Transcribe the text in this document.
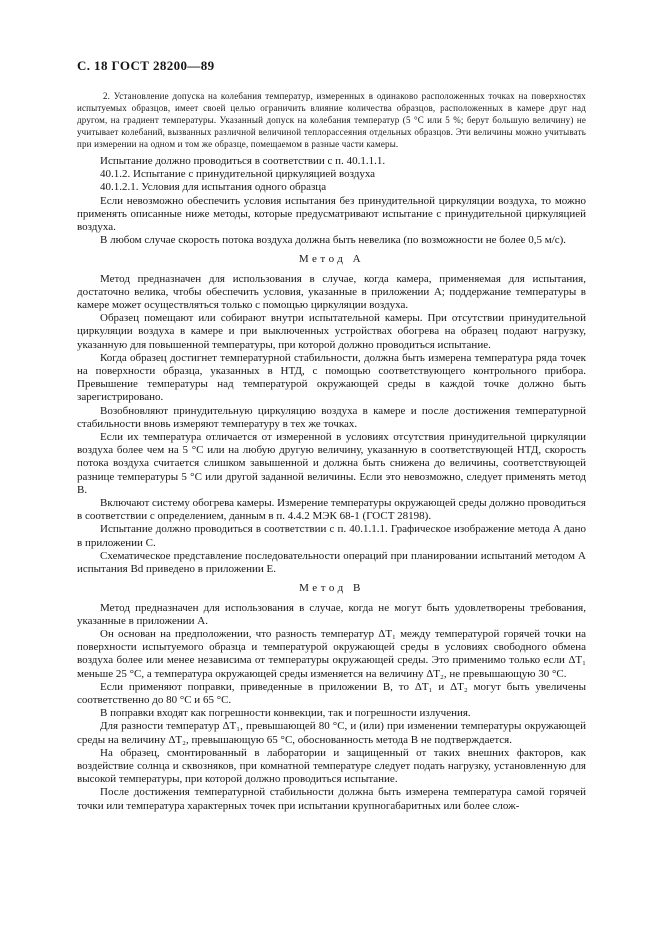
С. 18 ГОСТ 28200—89

2. Установление допуска на колебания температур, измеренных в одинаково расположенных точках на поверхностях испытуемых образцов, имеет своей целью ограничить влияние количества образцов, расположенных в камере друг над другом, на градиент температуры. Указанный допуск на колебания температур (5 °С или 5 %; берут большую величину) не учитывает колебаний, вызванных различной величиной теплорассеяния отдельных образцов. Эти величины можно учитывать при измерении на одном и том же образце, помещаемом в разные части камеры.

Испытание должно проводиться в соответствии с п. 40.1.1.1.

40.1.2. Испытание с принудительной циркуляцией воздуха

40.1.2.1. Условия для испытания одного образца

Если невозможно обеспечить условия испытания без принудительной циркуляции воздуха, то можно применять описанные ниже методы, которые предусматривают испытание с принудительной циркуляцией воздуха.

В любом случае скорость потока воздуха должна быть невелика (по возможности не более 0,5 м/с).

Метод А

Метод предназначен для использования в случае, когда камера, применяемая для испытания, достаточно велика, чтобы обеспечить условия, указанные в приложении А; поддержание температуры в камере может осуществляться только с помощью циркуляции воздуха.

Образец помещают или собирают внутри испытательной камеры. При отсутствии принудительной циркуляции воздуха в камере и при выключенных устройствах обогрева на образец подают нагрузку, указанную для повышенной температуры, при которой должно проводиться испытание.

Когда образец достигнет температурной стабильности, должна быть измерена температура ряда точек на поверхности образца, указанных в НТД, с помощью соответствующего контрольного прибора. Превышение температуры над температурой окружающей среды в каждой точке должно быть зарегистрировано.

Возобновляют принудительную циркуляцию воздуха в камере и после достижения температурной стабильности вновь измеряют температуру в тех же точках.

Если их температура отличается от измеренной в условиях отсутствия принудительной циркуляции воздуха более чем на 5 °С или на любую другую величину, указанную в соответствующей НТД, скорость потока воздуха считается слишком завышенной и должна быть снижена до величины, соответствующей разнице температуры 5 °С или другой заданной величины. Если это невозможно, следует применять метод В.

Включают систему обогрева камеры. Измерение температуры окружающей среды должно проводиться в соответствии с определением, данным в п. 4.4.2 МЭК 68-1 (ГОСТ 28198).

Испытание должно проводиться в соответствии с п. 40.1.1.1. Графическое изображение метода А дано в приложении С.

Схематическое представление последовательности операций при планировании испытаний методом А испытания Bd приведено в приложении Е.

Метод В

Метод предназначен для использования в случае, когда не могут быть удовлетворены требования, указанные в приложении А.

Он основан на предположении, что разность температур ΔT₁ между температурой горячей точки на поверхности испытуемого образца и температурой окружающей среды в условиях свободного обмена воздуха более или менее независима от температуры окружающей среды. Это применимо только если ΔT₁ меньше 25 °С, а температура окружающей среды изменяется на величину ΔT₂, не превышающую 30 °С.

Если применяют поправки, приведенные в приложении В, то ΔT₁ и ΔT₂ могут быть увеличены соответственно до 80 °С и 65 °С.

В поправки входят как погрешности конвекции, так и погрешности излучения.

Для разности температур ΔT₁, превышающей 80 °С, и (или) при изменении температуры окружающей среды на величину ΔT₂, превышающую 65 °С, обоснованность метода В не подтверждается.

На образец, смонтированный в лаборатории и защищенный от таких внешних факторов, как воздействие солнца и сквозняков, при комнатной температуре следует подать нагрузку, установленную для высокой температуры, при которой должно проводиться испытание.

После достижения температурной стабильности должна быть измерена температура самой горячей точки или температура характерных точек при испытании крупногабаритных или более слож-
